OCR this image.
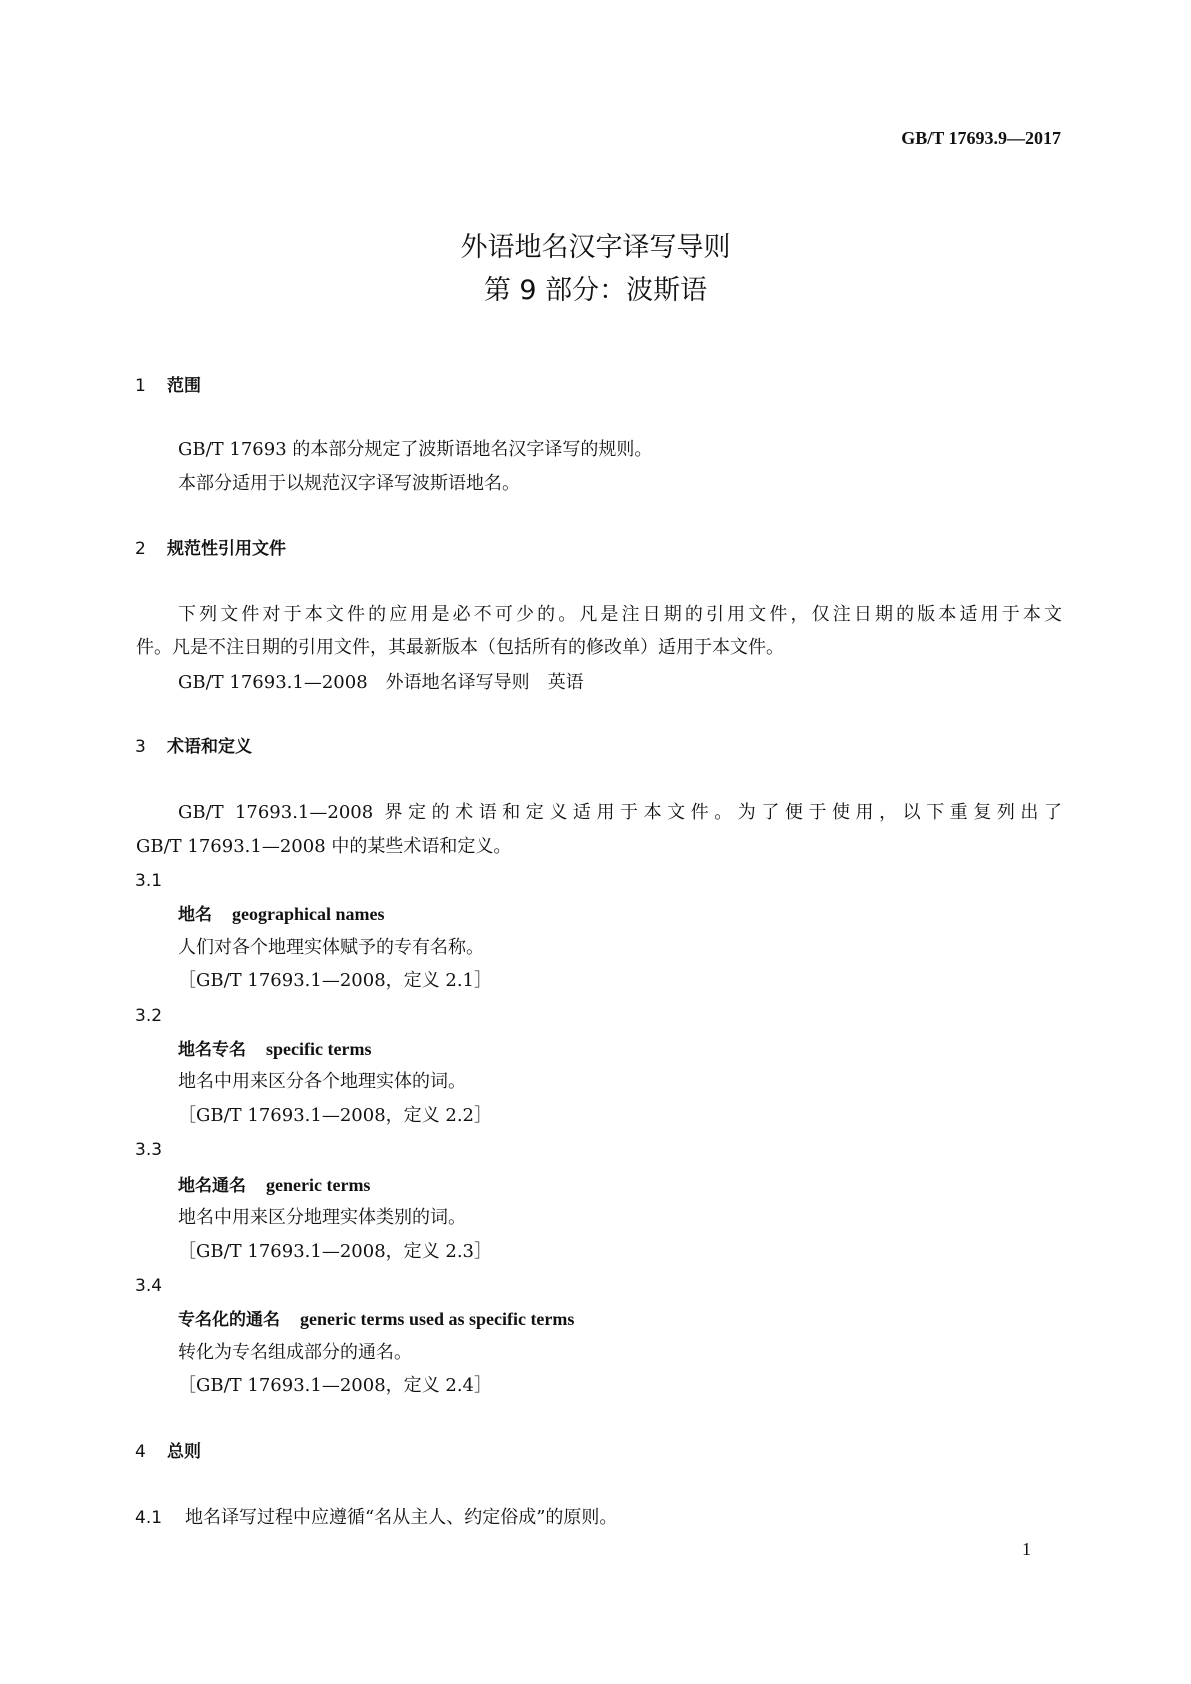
GB/T 17693.9—2017
外语地名汉字译写导则
第 9 部分：波斯语
1 范围
GB/T 17693 的本部分规定了波斯语地名汉字译写的规则。
本部分适用于以规范汉字译写波斯语地名。
2 规范性引用文件
下列文件对于本文件的应用是必不可少的。凡是注日期的引用文件，仅注日期的版本适用于本文
件。凡是不注日期的引用文件，其最新版本（包括所有的修改单）适用于本文件。
GB/T 17693.1—2008　外语地名译写导则　英语
3 术语和定义
GB/T 17693.1—2008 界定的术语和定义适用于本文件。为了便于使用，以下重复列出了
GB/T 17693.1—2008 中的某些术语和定义。
3.1
地名 geographical names
人们对各个地理实体赋予的专有名称。
［GB/T 17693.1—2008，定义 2.1］
3.2
地名专名 specific terms
地名中用来区分各个地理实体的词。
［GB/T 17693.1—2008，定义 2.2］
3.3
地名通名 generic terms
地名中用来区分地理实体类别的词。
［GB/T 17693.1—2008，定义 2.3］
3.4
专名化的通名 generic terms used as specific terms
转化为专名组成部分的通名。
［GB/T 17693.1—2008，定义 2.4］
4 总则
4.1 地名译写过程中应遵循“名从主人、约定俗成”的原则。
1
